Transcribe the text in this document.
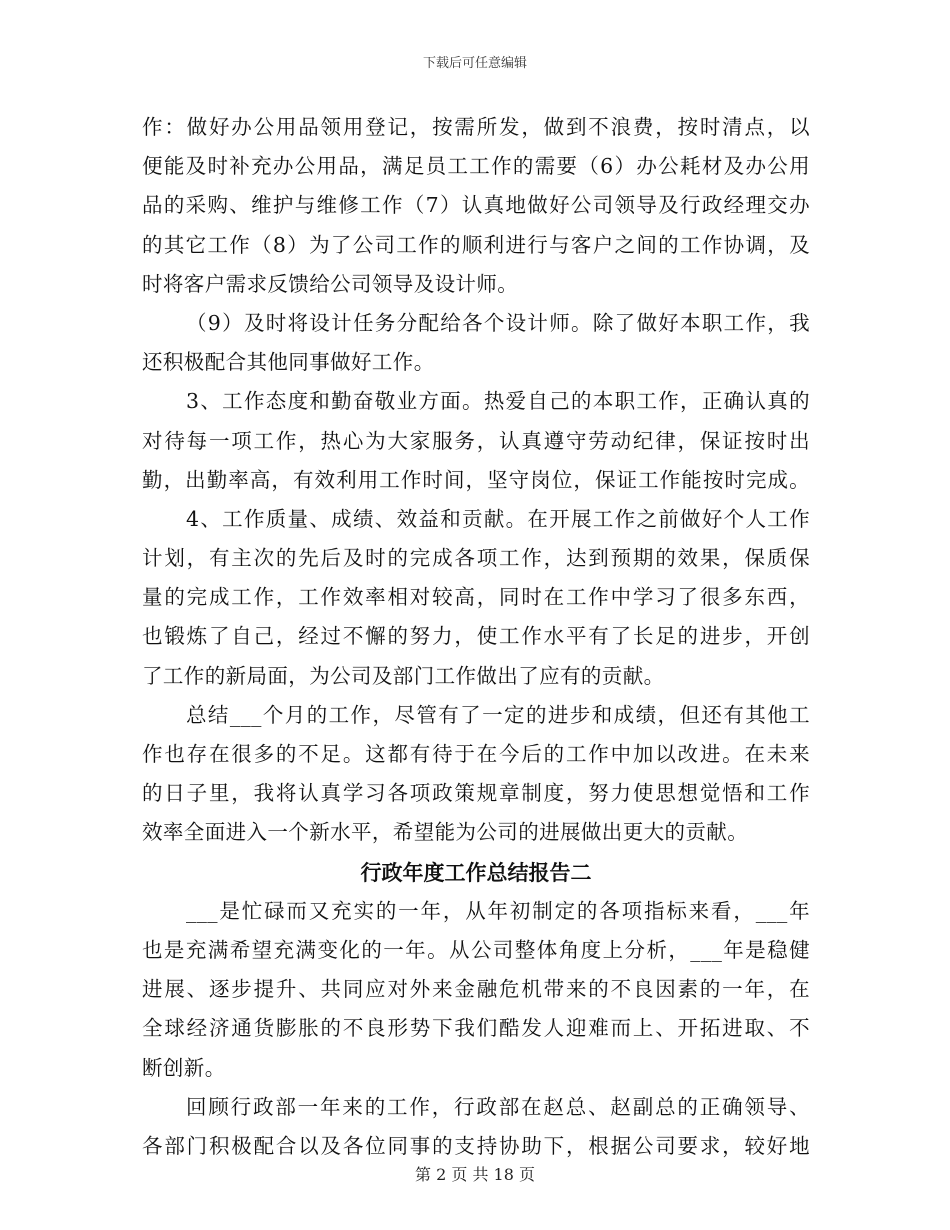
下载后可任意编辑
作：做好办公用品领用登记，按需所发，做到不浪费，按时清点，以
便能及时补充办公用品，满足员工工作的需要（6）办公耗材及办公用
品的采购、维护与维修工作（7）认真地做好公司领导及行政经理交办
的其它工作（8）为了公司工作的顺利进行与客户之间的工作协调，及
时将客户需求反馈给公司领导及设计师。
（9）及时将设计任务分配给各个设计师。除了做好本职工作，我
还积极配合其他同事做好工作。
3、工作态度和勤奋敬业方面。热爱自己的本职工作，正确认真的
对待每一项工作，热心为大家服务，认真遵守劳动纪律，保证按时出
勤，出勤率高，有效利用工作时间，坚守岗位，保证工作能按时完成。
4、工作质量、成绩、效益和贡献。在开展工作之前做好个人工作
计划，有主次的先后及时的完成各项工作，达到预期的效果，保质保
量的完成工作，工作效率相对较高，同时在工作中学习了很多东西，
也锻炼了自己，经过不懈的努力，使工作水平有了长足的进步，开创
了工作的新局面，为公司及部门工作做出了应有的贡献。
总结___个月的工作，尽管有了一定的进步和成绩，但还有其他工
作也存在很多的不足。这都有待于在今后的工作中加以改进。在未来
的日子里，我将认真学习各项政策规章制度，努力使思想觉悟和工作
效率全面进入一个新水平，希望能为公司的进展做出更大的贡献。
行政年度工作总结报告二
___是忙碌而又充实的一年，从年初制定的各项指标来看，___年
也是充满希望充满变化的一年。从公司整体角度上分析，___年是稳健
进展、逐步提升、共同应对外来金融危机带来的不良因素的一年，在
全球经济通货膨胀的不良形势下我们酷发人迎难而上、开拓进取、不
断创新。
回顾行政部一年来的工作，行政部在赵总、赵副总的正确领导、
各部门积极配合以及各位同事的支持协助下，根据公司要求，较好地
第 2 页 共 18 页
